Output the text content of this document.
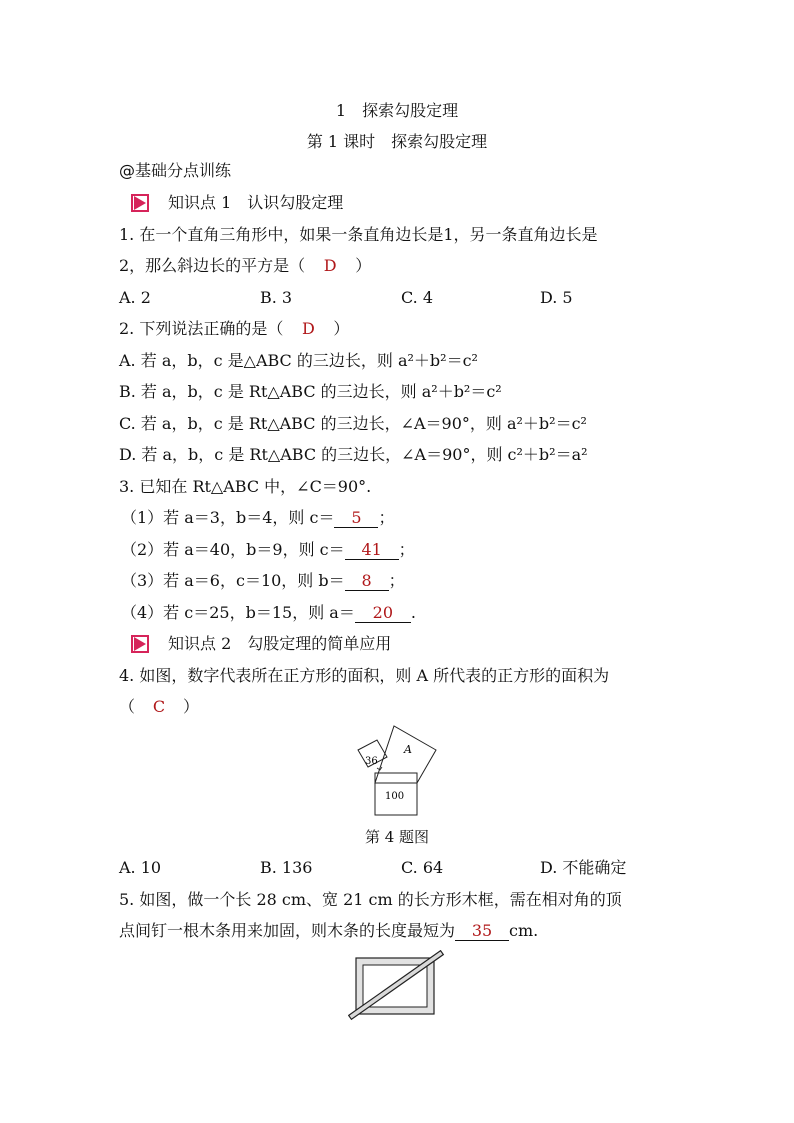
1　探索勾股定理
第 1 课时　探索勾股定理
@基础分点训练
知识点 1　认识勾股定理
1. 在一个直角三角形中，如果一条直角边长是1，另一条直角边长是
2，那么斜边长的平方是（ D ）
A. 2	B. 3	C. 4	D. 5
2. 下列说法正确的是（ D ）
A. 若 a，b，c 是△ABC 的三边长，则 a²＋b²＝c²
B. 若 a，b，c 是 Rt△ABC 的三边长，则 a²＋b²＝c²
C. 若 a，b，c 是 Rt△ABC 的三边长，∠A＝90°，则 a²＋b²＝c²
D. 若 a，b，c 是 Rt△ABC 的三边长，∠A＝90°，则 c²＋b²＝a²
3. 已知在 Rt△ABC 中，∠C＝90°.
（1）若 a＝3，b＝4，则 c＝ 5 ；
（2）若 a＝40，b＝9，则 c＝ 41 ；
（3）若 a＝6，c＝10，则 b＝ 8 ；
（4）若 c＝25，b＝15，则 a＝ 20 .
知识点 2　勾股定理的简单应用
4. 如图，数字代表所在正方形的面积，则 A 所代表的正方形的面积为
（ C ）
36
A
100
第 4 题图
A. 10	B. 136	C. 64	D. 不能确定
5. 如图，做一个长 28 cm、宽 21 cm 的长方形木框，需在相对角的顶
点间钉一根木条用来加固，则木条的长度最短为 35 cm.
